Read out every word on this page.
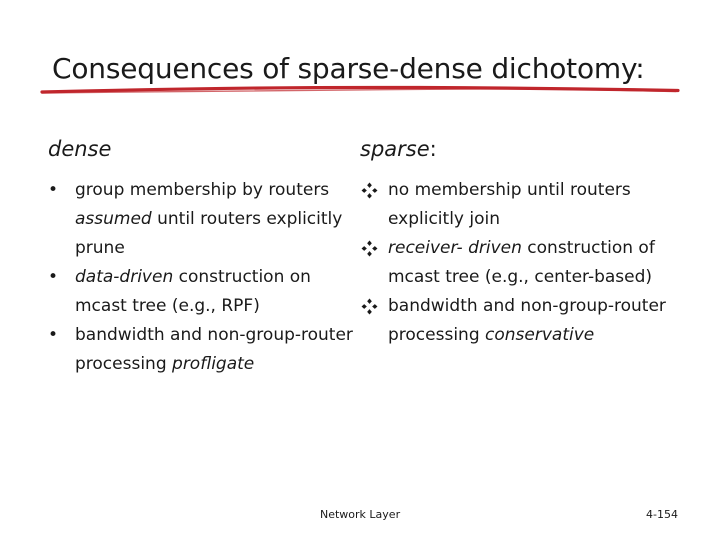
Consequences of sparse-dense dichotomy:
dense
• group membership by routers assumed until routers explicitly prune
• data-driven construction on mcast tree (e.g., RPF)
• bandwidth and non-group-router processing profligate
sparse:
no membership until routers explicitly join
receiver- driven construction of mcast tree (e.g., center-based)
bandwidth and non-group-router processing conservative
Network Layer	4-154
